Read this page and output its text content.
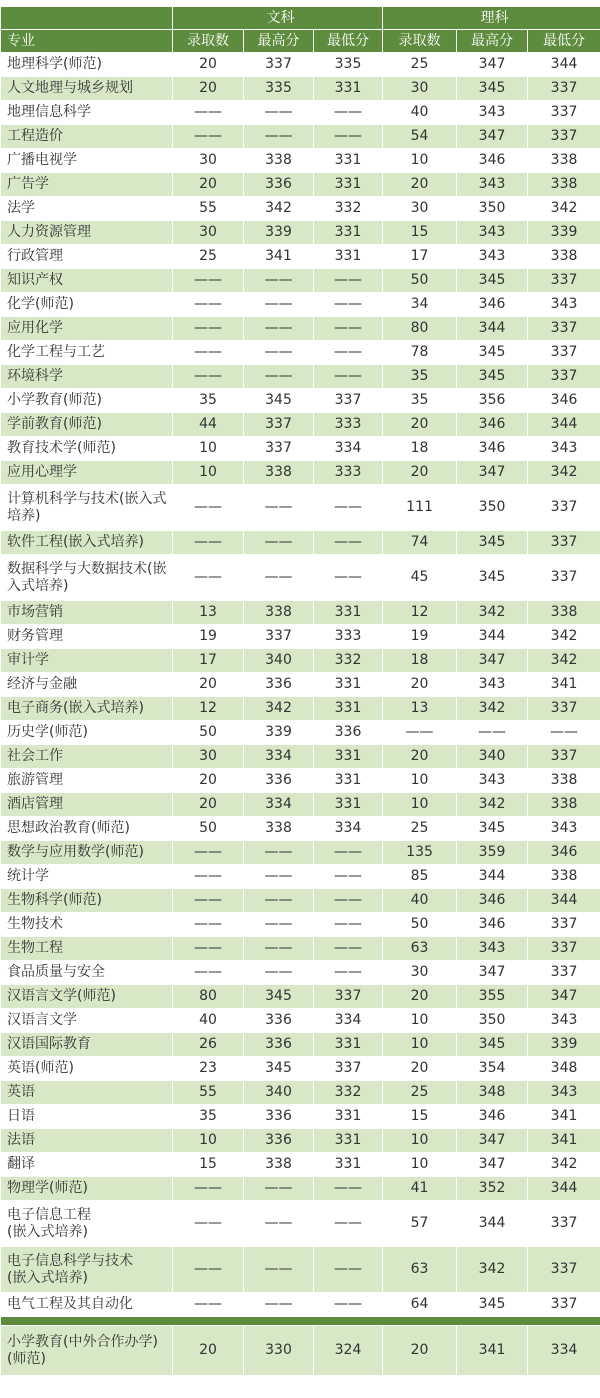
	文科			理科		
专业	录取数	最高分	最低分	录取数	最高分	最低分
地理科学(师范)	20	337	335	25	347	344
人文地理与城乡规划	20	335	331	30	345	337
地理信息科学	——	——	——	40	343	337
工程造价	——	——	——	54	347	337
广播电视学	30	338	331	10	346	338
广告学	20	336	331	20	343	338
法学	55	342	332	30	350	342
人力资源管理	30	339	331	15	343	339
行政管理	25	341	331	17	343	338
知识产权	——	——	——	50	345	337
化学(师范)	——	——	——	34	346	343
应用化学	——	——	——	80	344	337
化学工程与工艺	——	——	——	78	345	337
环境科学	——	——	——	35	345	337
小学教育(师范)	35	345	337	35	356	346
学前教育(师范)	44	337	333	20	346	344
教育技术学(师范)	10	337	334	18	346	343
应用心理学	10	338	333	20	347	342
计算机科学与技术(嵌入式培养)	——	——	——	111	350	337
软件工程(嵌入式培养)	——	——	——	74	345	337
数据科学与大数据技术(嵌入式培养)	——	——	——	45	345	337
市场营销	13	338	331	12	342	338
财务管理	19	337	333	19	344	342
审计学	17	340	332	18	347	342
经济与金融	20	336	331	20	343	341
电子商务(嵌入式培养)	12	342	331	13	342	337
历史学(师范)	50	339	336	——	——	——
社会工作	30	334	331	20	340	337
旅游管理	20	336	331	10	343	338
酒店管理	20	334	331	10	342	338
思想政治教育(师范)	50	338	334	25	345	343
数学与应用数学(师范)	——	——	——	135	359	346
统计学	——	——	——	85	344	338
生物科学(师范)	——	——	——	40	346	344
生物技术	——	——	——	50	346	337
生物工程	——	——	——	63	343	337
食品质量与安全	——	——	——	30	347	337
汉语言文学(师范)	80	345	337	20	355	347
汉语言文学	40	336	334	10	350	343
汉语国际教育	26	336	331	10	345	339
英语(师范)	23	345	337	20	354	348
英语	55	340	332	25	348	343
日语	35	336	331	15	346	341
法语	10	336	331	10	347	341
翻译	15	338	331	10	347	342
物理学(师范)	——	——	——	41	352	344
电子信息工程
(嵌入式培养)	——	——	——	57	344	337
电子信息科学与技术
(嵌入式培养)	——	——	——	63	342	337
电气工程及其自动化	——	——	——	64	345	337

小学教育(中外合作办学)(师范)	20	330	324	20	341	334
